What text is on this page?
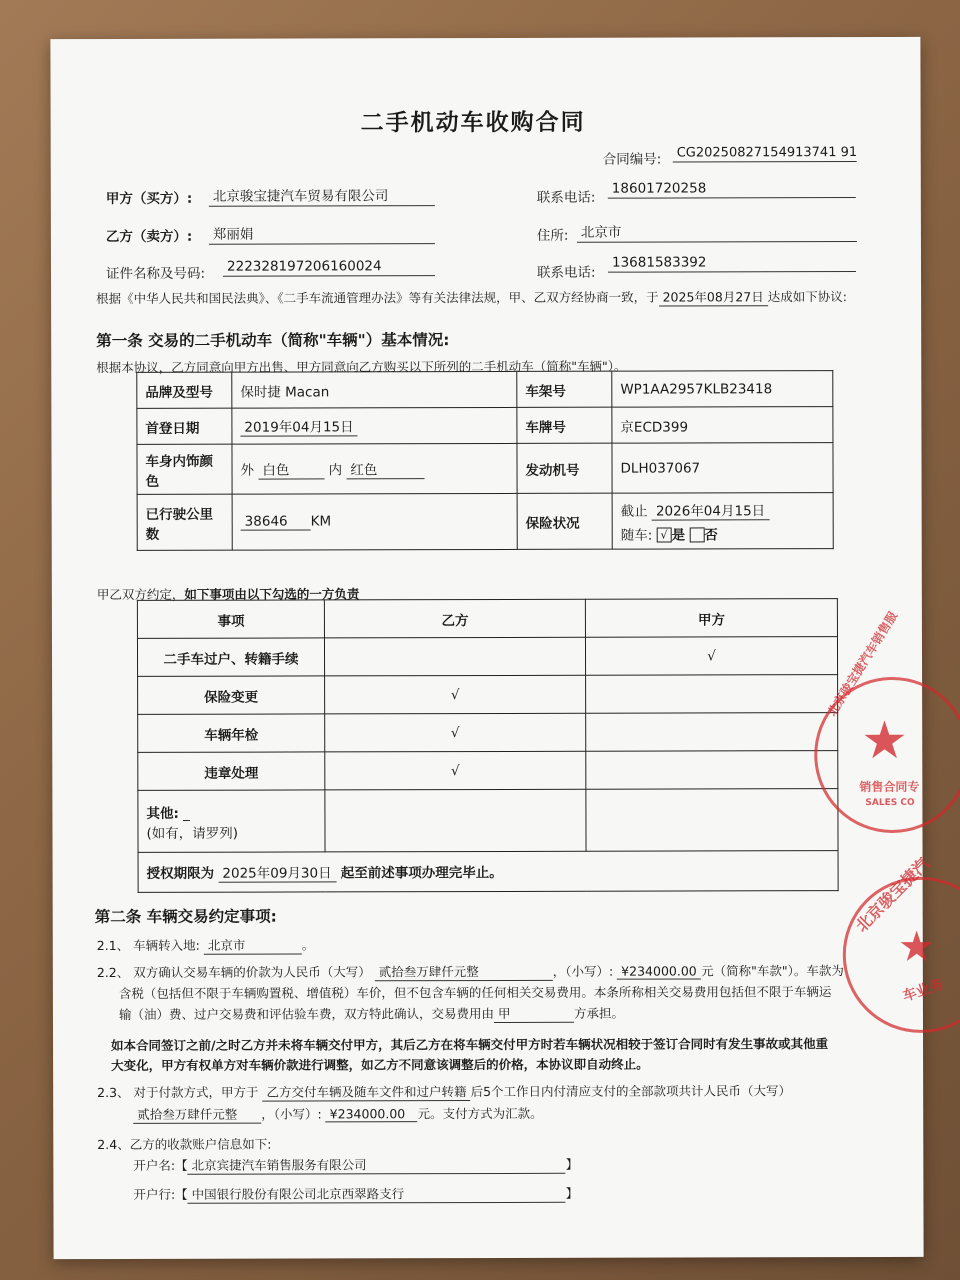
二手机动车收购合同
合同编号:	CG20250827154913741 91
甲方（买方）: 北京骏宝捷汽车贸易有限公司	联系电话:
18601720258
乙方（卖方）: 郑丽娟	住所: 北京市
证件名称及号码: 222328197206160024	联系电话:
13681583392
根据《中华人民共和国民法典》、《二手车流通管理办法》等有关法律法规，甲、乙双方经协商一致，于 2025年08月27日 达成如下协议:
第一条 交易的二手机动车（简称"车辆"）基本情况:
根据本协议，乙方同意向甲方出售、甲方同意向乙方购买以下所列的二手机动车（简称"车辆"）。
品牌及型号	保时捷 Macan	车架号	WP1AA2957KLB23418
首登日期	2019年04月15日	车牌号	京ECD399
车身内饰颜色	外 白色 内 红色	发动机号	DLH037067
已行驶公里数	38646 KM	保险状况	截止 2026年04月15日
随车: √ 是 否
甲乙双方约定，如下事项由以下勾选的一方负责
事项	乙方	甲方
二手车过户、转籍手续		√
保险变更	√	
车辆年检	√	
违章处理	√	

其他: _
(如有，请罗列)		

授权期限为 2025年09月30日 起至前述事项办理完毕止。		
第二条 车辆交易约定事项:
2.1、 车辆转入地: 北京市	。
2.2、 双方确认交易车辆的价款为人民币（大写） 贰拾叁万肆仟元整	，（小写）: ¥234000.00 元（简称"车款"）。车款为
含税（包括但不限于车辆购置税、增值税）车价，但不包含车辆的任何相关交易费用。本条所称相关交易费用包括但不限于车辆运
输（油）费、过户交易费和评估验车费，双方特此确认，交易费用由 甲	方承担。
如本合同签订之前/之时乙方并未将车辆交付甲方，其后乙方在将车辆交付甲方时若车辆状况相较于签订合同时有发生事故或其他重
大变化，甲方有权单方对车辆价款进行调整，如乙方不同意该调整后的价格，本协议即自动终止。
2.3、 对于付款方式，甲方于 乙方交付车辆及随车文件和过户转籍 后5个工作日内付清应支付的全部款项共计人民币（大写）
贰拾叁万肆仟元整 ，（小写）: ¥234000.00 元。支付方式为汇款。
2.4、乙方的收款账户信息如下:
开户名:【 北京宾捷汽车销售服务有限公司	】
开户行:【 中国银行股份有限公司北京西翠路支行	】
北京骏宝捷汽车销售服
★
销售合同专
SALES CO
北京骏宝捷汽
★
车业务
